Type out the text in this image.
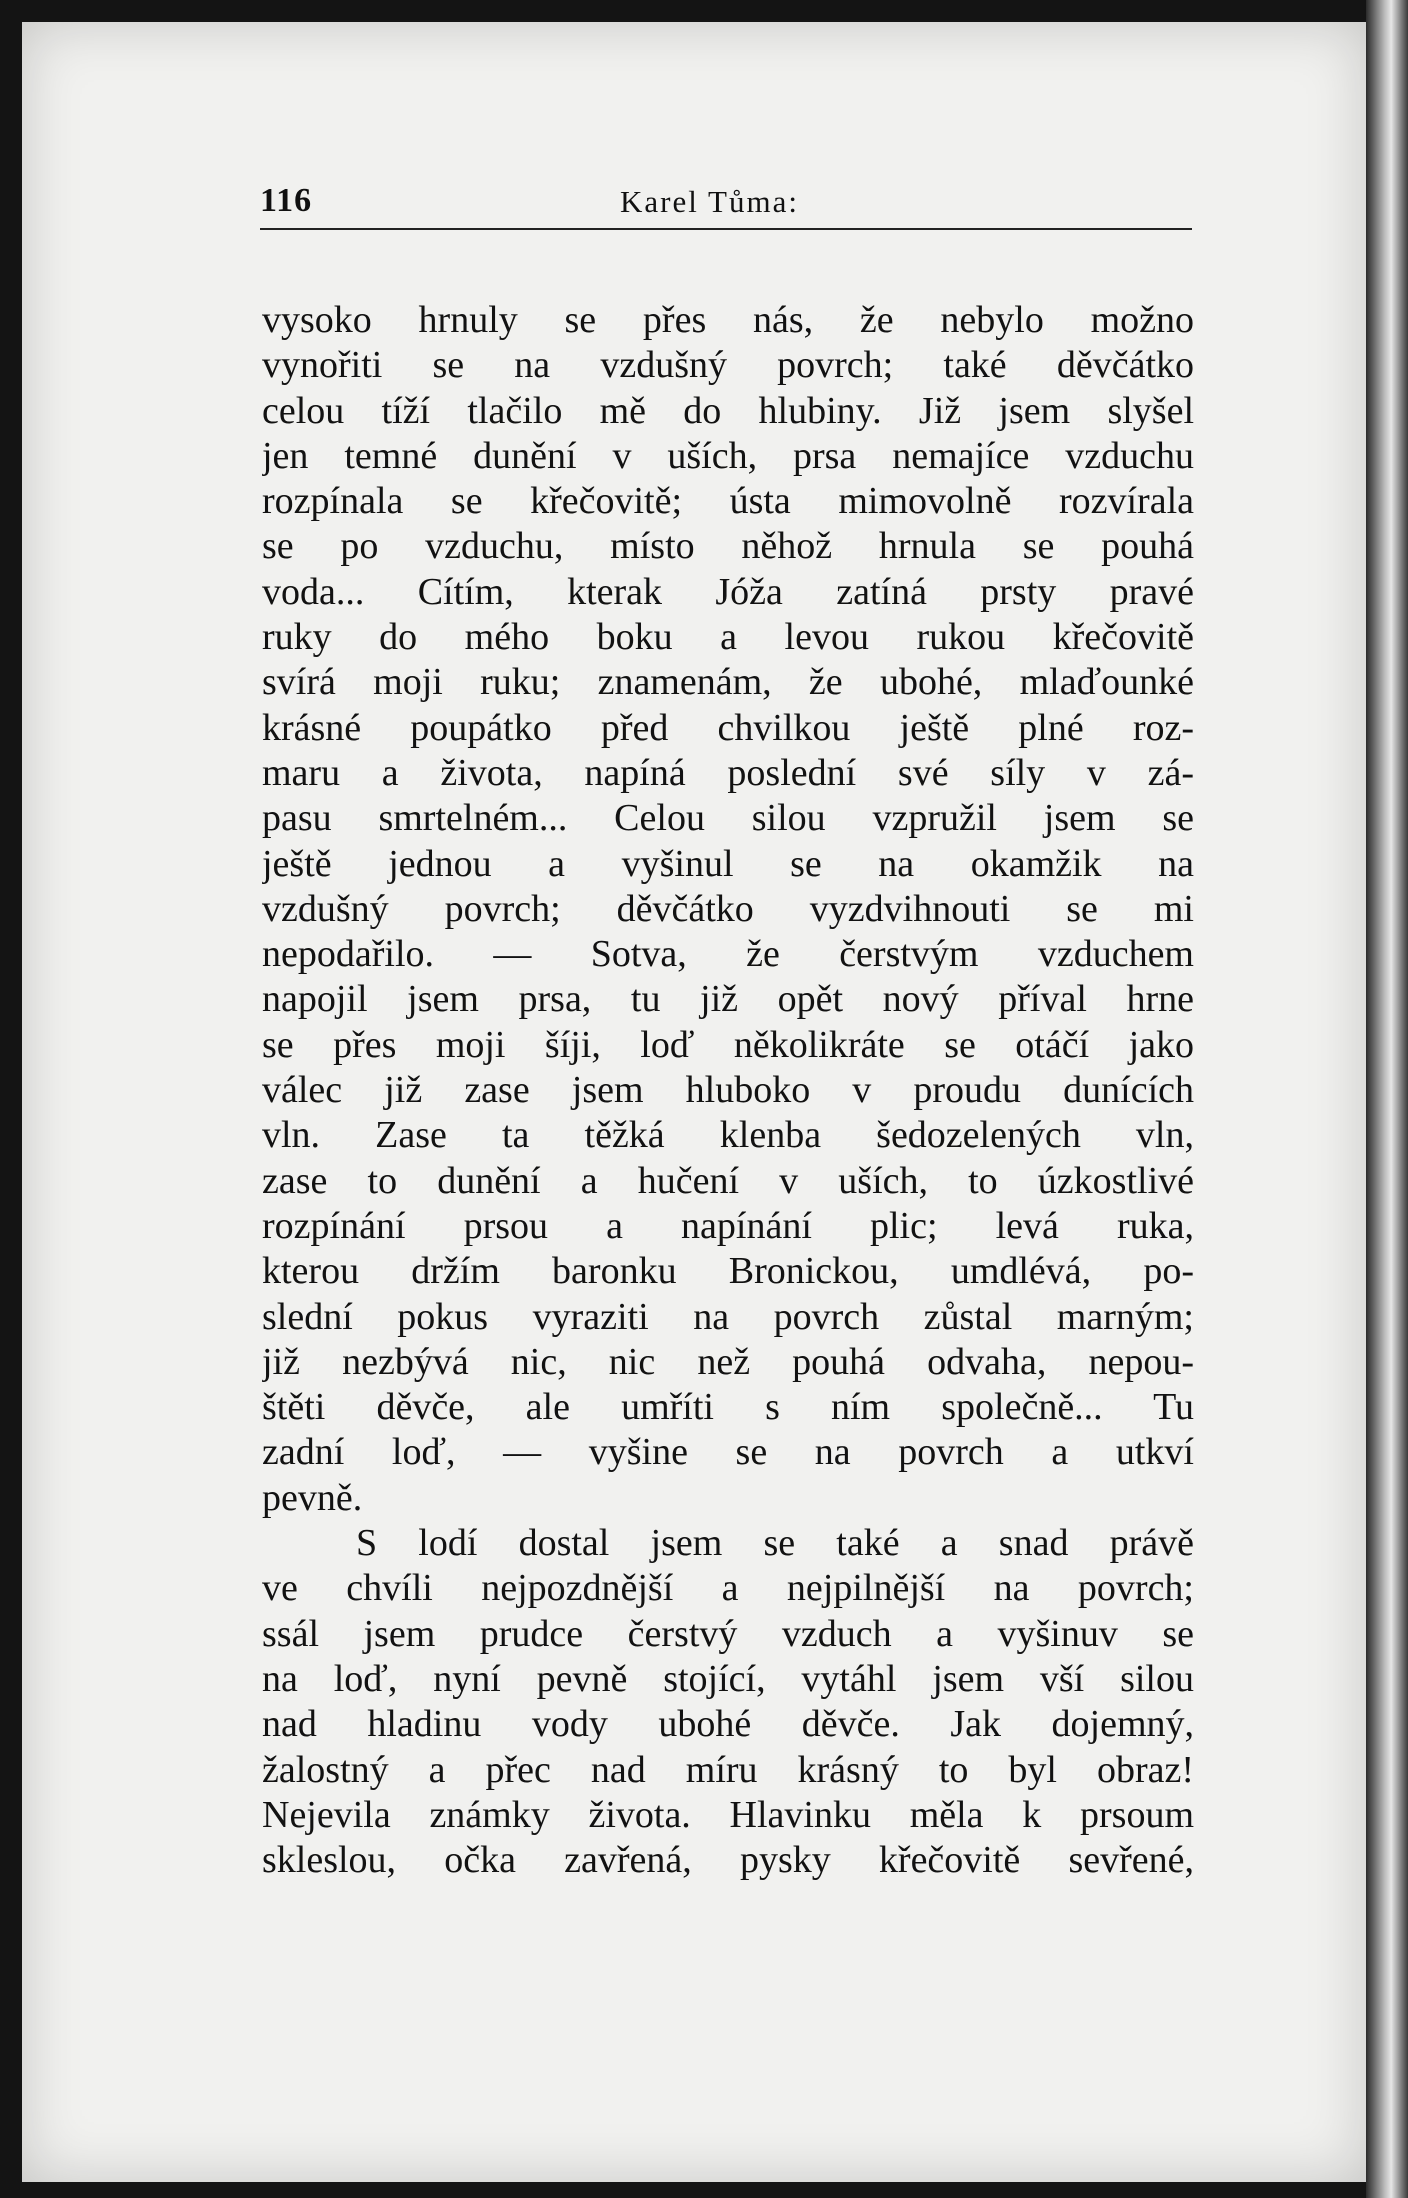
116	Karel Tůma:
vysoko hrnuly se přes nás, že nebylo možno
vynořiti se na vzdušný povrch; také děvčátko
celou tíží tlačilo mě do hlubiny. Již jsem slyšel
jen temné dunění v uších, prsa nemajíce vzduchu
rozpínala se křečovitě; ústa mimovolně rozvírala
se po vzduchu, místo něhož hrnula se pouhá
voda... Cítím, kterak Jóža zatíná prsty pravé
ruky do mého boku a levou rukou křečovitě
svírá moji ruku; znamenám, že ubohé, mlaďounké
krásné poupátko před chvilkou ještě plné roz-
maru a života, napíná poslední své síly v zá-
pasu smrtelném... Celou silou vzpružil jsem se
ještě jednou a vyšinul se na okamžik na
vzdušný povrch; děvčátko vyzdvihnouti se mi
nepodařilo. — Sotva, že čerstvým vzduchem
napojil jsem prsa, tu již opět nový příval hrne
se přes moji šíji, loď několikráte se otáčí jako
válec již zase jsem hluboko v proudu dunících
vln. Zase ta těžká klenba šedozelených vln,
zase to dunění a hučení v uších, to úzkostlivé
rozpínání prsou a napínání plic; levá ruka,
kterou držím baronku Bronickou, umdlévá, po-
slední pokus vyraziti na povrch zůstal marným;
již nezbývá nic, nic než pouhá odvaha, nepou-
štěti děvče, ale umříti s ním společně... Tu
zadní loď, — vyšine se na povrch a utkví
pevně.
S lodí dostal jsem se také a snad právě
ve chvíli nejpozdnější a nejpilnější na povrch;
ssál jsem prudce čerstvý vzduch a vyšinuv se
na loď, nyní pevně stojící, vytáhl jsem vší silou
nad hladinu vody ubohé děvče. Jak dojemný,
žalostný a přec nad míru krásný to byl obraz!
Nejevila známky života. Hlavinku měla k prsoum
skleslou, očka zavřená, pysky křečovitě sevřené,
